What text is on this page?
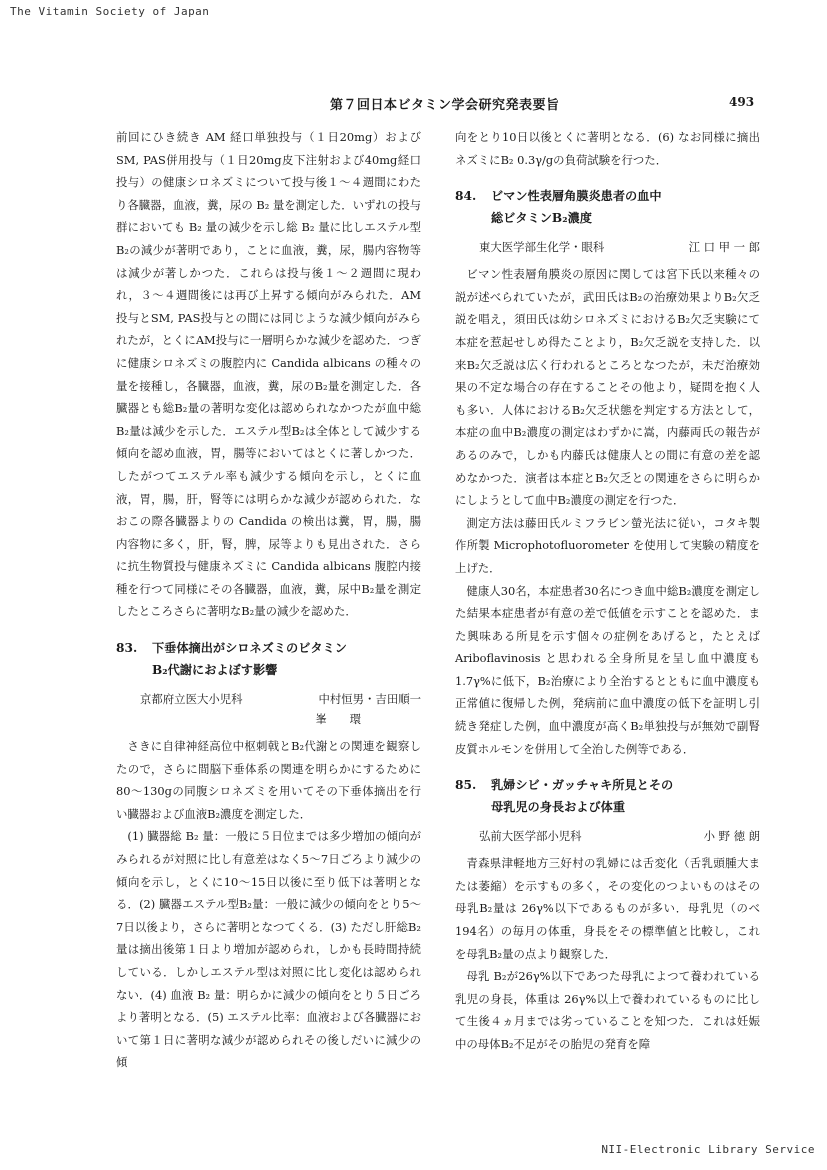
The Vitamin Society of Japan
第７回日本ビタミン学会研究発表要旨	493

前回にひき続き AM 経口単独投与（１日20mg）および SM, PAS併用投与（１日20mg皮下注射および40mg経口投与）の健康シロネズミについて投与後１～４週間にわたり各臓器，血液，糞，尿の B₂ 量を測定した．いずれの投与群においても B₂ 量の減少を示し総 B₂ 量に比しエステル型B₂の減少が著明であり，ことに血液，糞，尿，腸内容物等は減少が著しかつた．これらは投与後１～２週間に現われ，３～４週間後には再び上昇する傾向がみられた．AM投与とSM, PAS投与との間には同じような減少傾向がみられたが，とくにAM投与に一層明らかな減少を認めた．つぎに健康シロネズミの腹腔内に Candida albicans の種々の量を接種し，各臓器，血液，糞，尿のB₂量を測定した．各臓器とも総B₂量の著明な変化は認められなかつたが血中総B₂量は減少を示した．エステル型B₂は全体として減少する傾向を認め血液，胃，腸等においてはとくに著しかつた．したがつてエステル率も減少する傾向を示し，とくに血液，胃，腸，肝，腎等には明らかな減少が認められた．なおこの際各臓器よりの Candida の検出は糞，胃，腸，腸内容物に多く，肝，腎，脾，尿等よりも見出された．さらに抗生物質投与健康ネズミに Candida albicans 腹腔内接種を行つて同様にその各臓器，血液，糞，尿中B₂量を測定したところさらに著明なB₂量の減少を認めた．

83. 下垂体摘出がシロネズミのビタミン
B₂代謝におよぼす影響
京都府立医大小児科	中村恒男・吉田順一
峯　　環

さきに自律神経高位中枢刺戟とB₂代謝との関連を観察したので，さらに間脳下垂体系の関連を明らかにするために80～130gの同腹シロネズミを用いてその下垂体摘出を行い臓器および血液B₂濃度を測定した．

(1) 臓器総 B₂ 量：一般に５日位までは多少増加の傾向がみられるが対照に比し有意差はなく5～7日ごろより減少の傾向を示し，とくに10～15日以後に至り低下は著明となる．(2) 臓器エステル型B₂量：一般に減少の傾向をとり5～7日以後より，さらに著明となつてくる．(3) ただし肝総B₂量は摘出後第１日より増加が認められ，しかも長時間持続している．しかしエステル型は対照に比し変化は認められない．(4) 血液 B₂ 量：明らかに減少の傾向をとり５日ごろより著明となる．(5) エステル比率：血液および各臓器において第１日に著明な減少が認められその後しだいに減少の傾

向をとり10日以後とくに著明となる．(6) なお同様に摘出ネズミにB₂ 0.3γ/gの負荷試験を行つた．

84. ビマン性表層角膜炎患者の血中
総ビタミンB₂濃度
東大医学部生化学・眼科	江 口 甲 一 郎

ビマン性表層角膜炎の原因に関しては宮下氏以来種々の説が述べられていたが，武田氏はB₂の治療効果よりB₂欠乏説を唱え，須田氏は幼シロネズミにおけるB₂欠乏実験にて本症を惹起せしめ得たことより，B₂欠乏説を支持した．以来B₂欠乏説は広く行われるところとなつたが，未だ治療効果の不定な場合の存在することその他より，疑問を抱く人も多い．人体におけるB₂欠乏状態を判定する方法として，本症の血中B₂濃度の測定はわずかに嵩，内藤両氏の報告があるのみで，しかも内藤氏は健康人との間に有意の差を認めなかつた．演者は本症とB₂欠乏との関連をさらに明らかにしようとして血中B₂濃度の測定を行つた．

測定方法は藤田氏ルミフラビン螢光法に従い，コタキ製作所製 Microphotofluorometer を使用して実験の精度を上げた．

健康人30名，本症患者30名につき血中総B₂濃度を測定した結果本症患者が有意の差で低値を示すことを認めた．また興味ある所見を示す個々の症例をあげると，たとえば Ariboflavinosis と思われる全身所見を呈し血中濃度も1.7γ%に低下，B₂治療により全治するとともに血中濃度も正常値に復帰した例，発病前に血中濃度の低下を証明し引続き発症した例，血中濃度が高くB₂単独投与が無効で副腎皮質ホルモンを併用して全治した例等である．

85. 乳婦シビ・ガッチャキ所見とその
母乳児の身長および体重
弘前大医学部小児科	小 野 徳 朗

青森県津軽地方三好村の乳婦には舌変化（舌乳頭腫大または萎縮）を示すもの多く，その変化のつよいものはその母乳B₂量は 26γ%以下であるものが多い．母乳児（のべ194名）の毎月の体重，身長をその標準値と比較し，これを母乳B₂量の点より観察した．

母乳 B₂が26γ%以下であつた母乳によつて養われている乳児の身長，体重は 26γ%以上で養われているものに比して生後４ヵ月までは劣っていることを知つた．これは妊娠中の母体B₂不足がその胎児の発育を障

NII-Electronic Library Service
